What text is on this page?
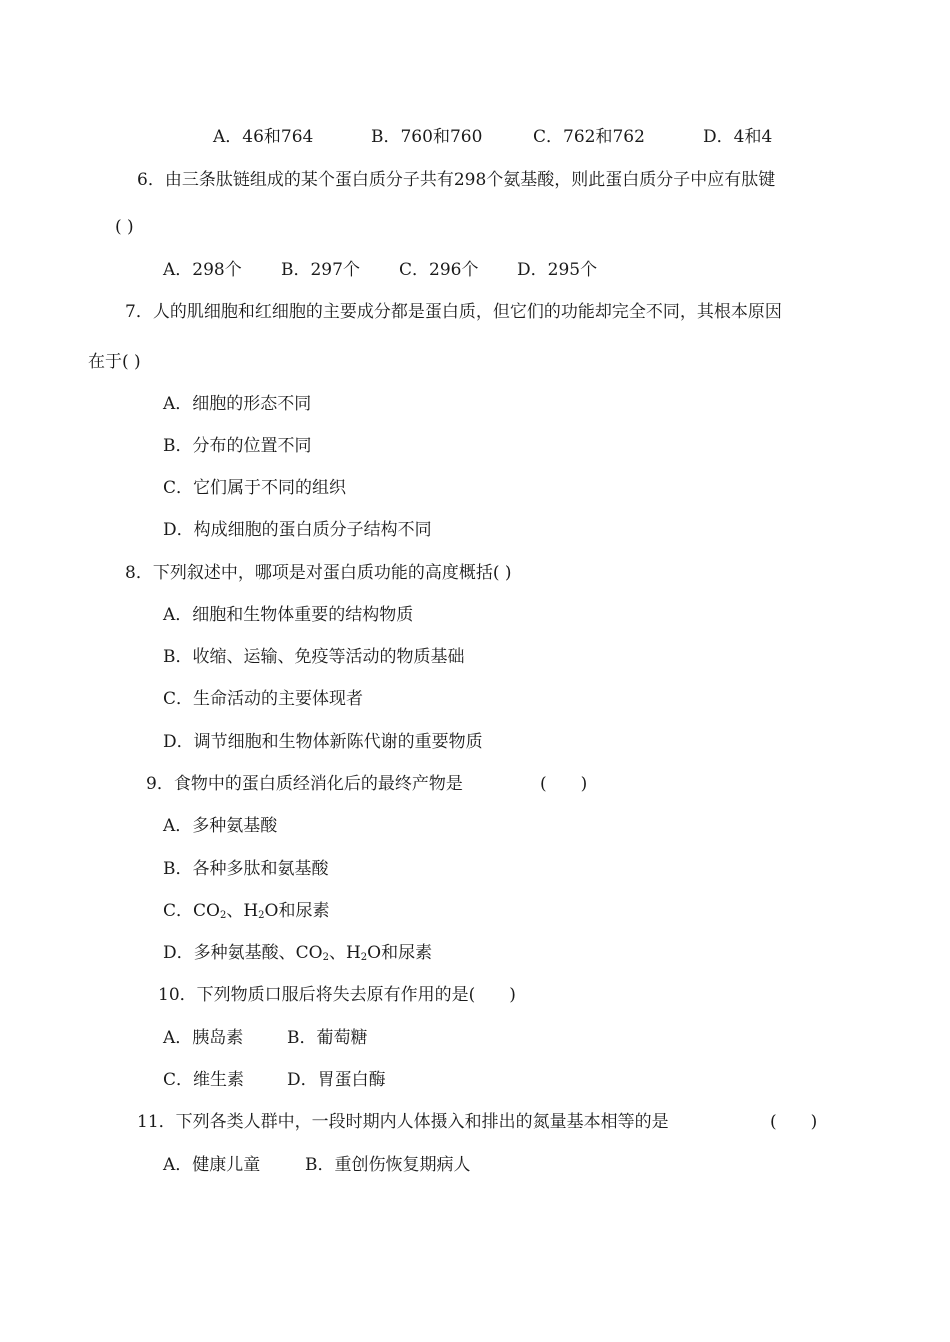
A．46和764	B．760和760	C．762和762	D．4和4
6．由三条肽链组成的某个蛋白质分子共有298个氨基酸，则此蛋白质分子中应有肽键
( )
A．298个 B．297个 C．296个 D．295个
7．人的肌细胞和红细胞的主要成分都是蛋白质，但它们的功能却完全不同，其根本原因
在于( )
A．细胞的形态不同
B．分布的位置不同
C．它们属于不同的组织
D．构成细胞的蛋白质分子结构不同
8．下列叙述中，哪项是对蛋白质功能的高度概括( )
A．细胞和生物体重要的结构物质
B．收缩、运输、免疫等活动的物质基础
C．生命活动的主要体现者
D．调节细胞和生物体新陈代谢的重要物质
9．食物中的蛋白质经消化后的最终产物是	(　　)
A．多种氨基酸
B．各种多肽和氨基酸
C．$CO_2$、$H_2O$和尿素
D．多种氨基酸、$CO_2$、$H_2O$和尿素
10．下列物质口服后将失去原有作用的是(　　)
A．胰岛素	B．葡萄糖
C．维生素	D．胃蛋白酶
11．下列各类人群中，一段时期内人体摄入和排出的氮量基本相等的是	(　　)
A．健康儿童	B．重创伤恢复期病人
